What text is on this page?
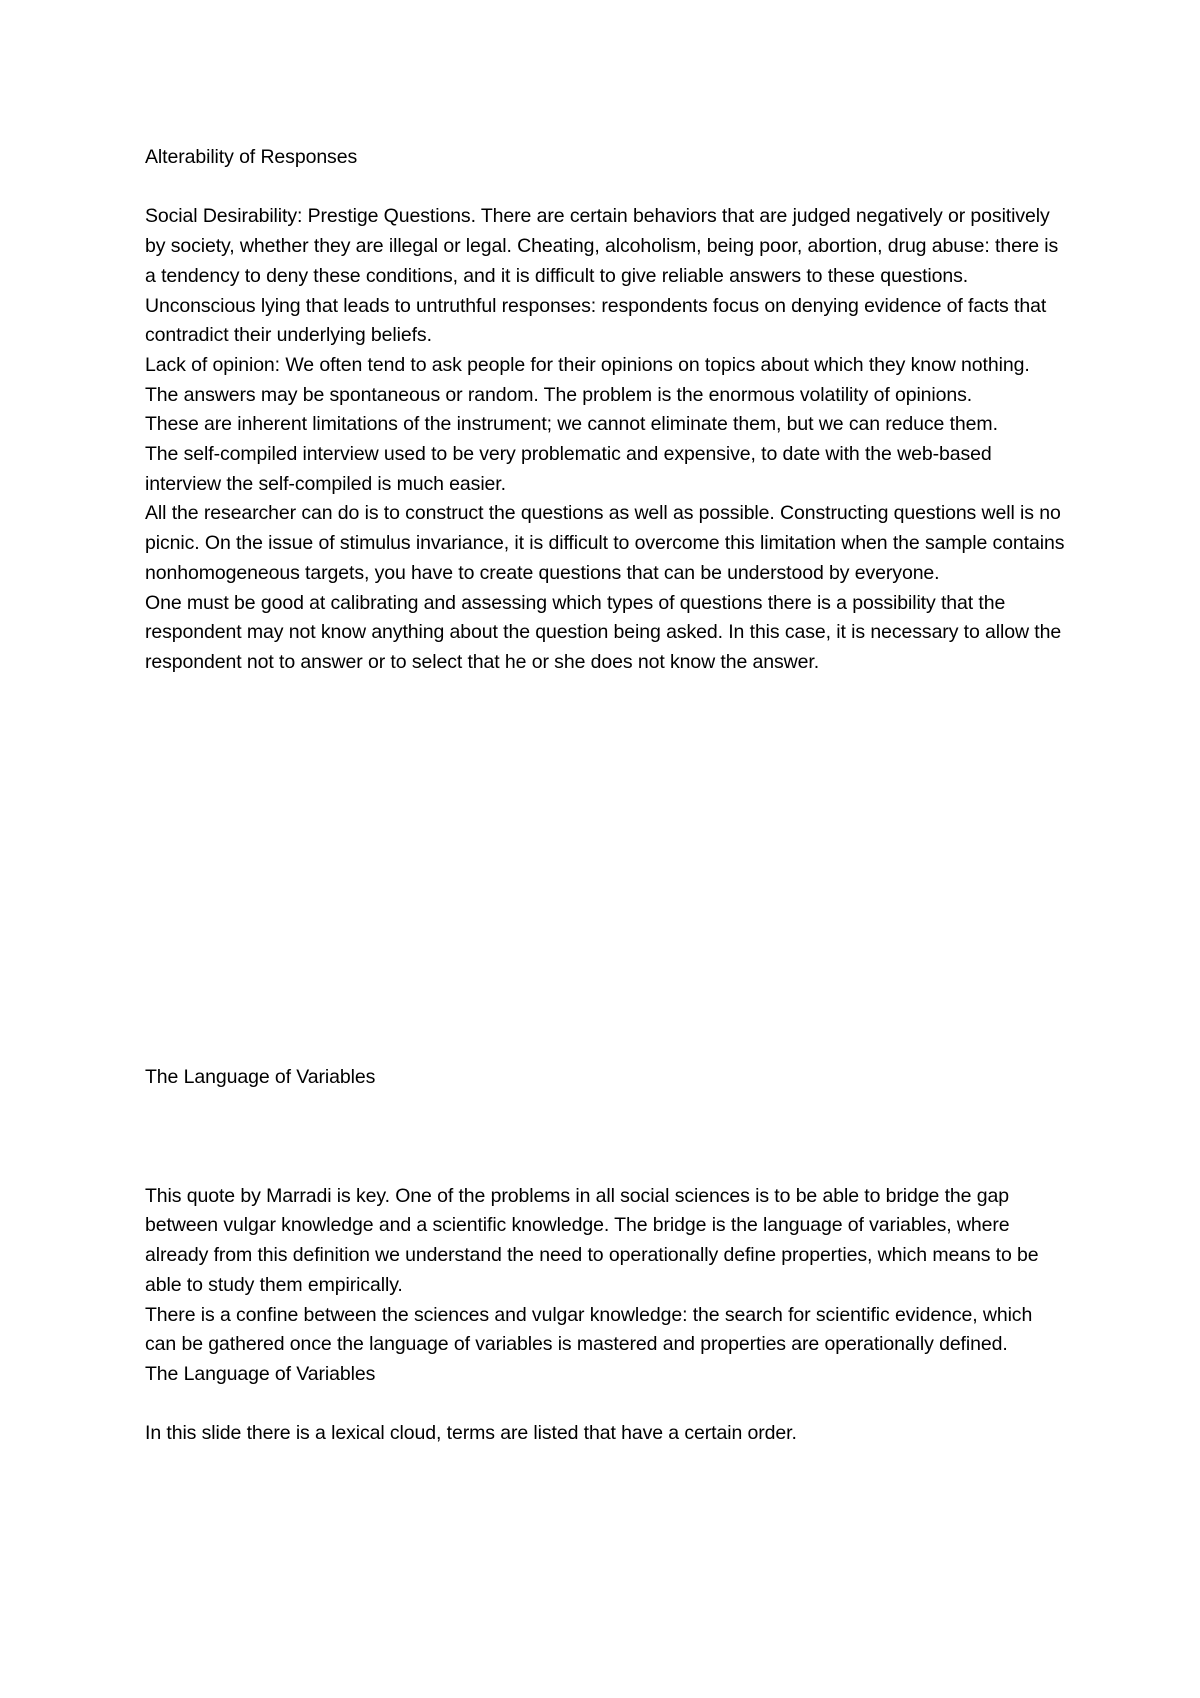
Alterability of Responses

Social Desirability: Prestige Questions. There are certain behaviors that are judged negatively or positively by society, whether they are illegal or legal. Cheating, alcoholism, being poor, abortion, drug abuse: there is a tendency to deny these conditions, and it is difficult to give reliable answers to these questions.

Unconscious lying that leads to untruthful responses: respondents focus on denying evidence of facts that contradict their underlying beliefs.

Lack of opinion: We often tend to ask people for their opinions on topics about which they know nothing. The answers may be spontaneous or random. The problem is the enormous volatility of opinions.

These are inherent limitations of the instrument; we cannot eliminate them, but we can reduce them.

The self-compiled interview used to be very problematic and expensive, to date with the web-based interview the self-compiled is much easier.

All the researcher can do is to construct the questions as well as possible. Constructing questions well is no picnic. On the issue of stimulus invariance, it is difficult to overcome this limitation when the sample contains nonhomogeneous targets, you have to create questions that can be understood by everyone.

One must be good at calibrating and assessing which types of questions there is a possibility that the respondent may not know anything about the question being asked. In this case, it is necessary to allow the respondent not to answer or to select that he or she does not know the answer.

The Language of Variables

This quote by Marradi is key. One of the problems in all social sciences is to be able to bridge the gap between vulgar knowledge and a scientific knowledge. The bridge is the language of variables, where already from this definition we understand the need to operationally define properties, which means to be able to study them empirically.

There is a confine between the sciences and vulgar knowledge: the search for scientific evidence, which can be gathered once the language of variables is mastered and properties are operationally defined.

The Language of Variables

In this slide there is a lexical cloud, terms are listed that have a certain order.
